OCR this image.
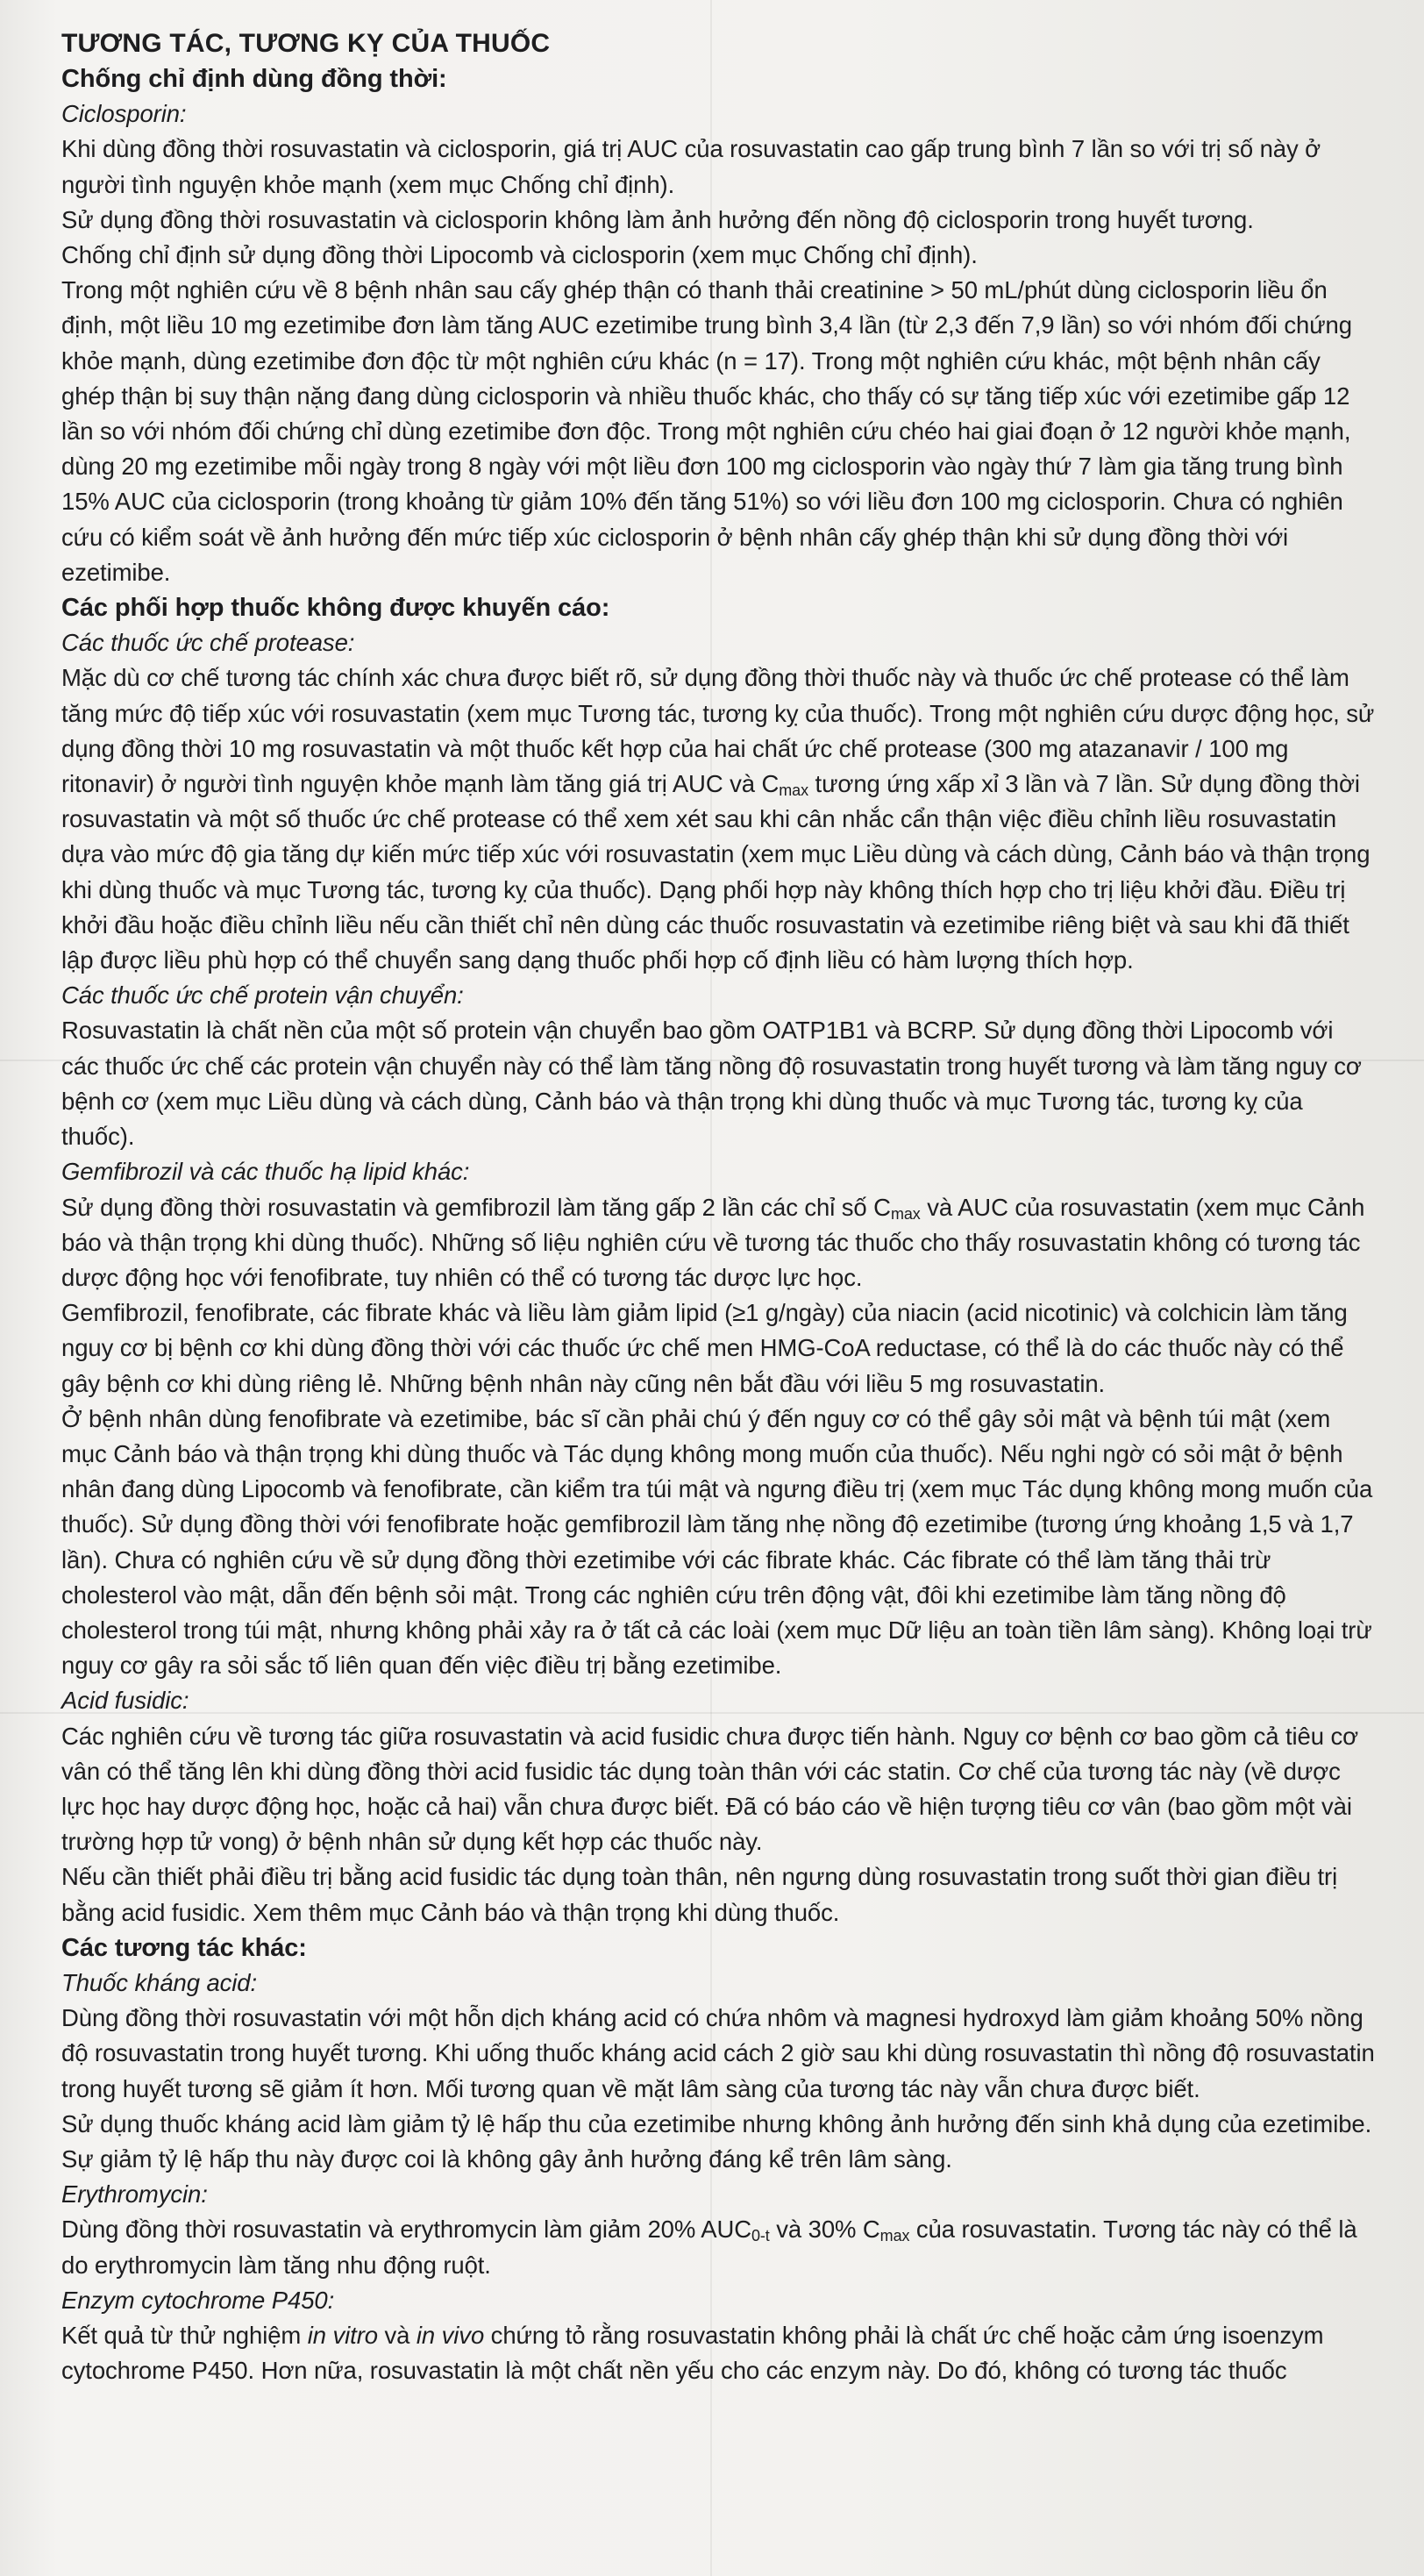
TƯƠNG TÁC, TƯƠNG KỴ CỦA THUỐC

Chống chỉ định dùng đồng thời:

Ciclosporin:

Khi dùng đồng thời rosuvastatin và ciclosporin, giá trị AUC của rosuvastatin cao gấp trung bình 7 lần so với trị số này ở người tình nguyện khỏe mạnh (xem mục Chống chỉ định).

Sử dụng đồng thời rosuvastatin và ciclosporin không làm ảnh hưởng đến nồng độ ciclosporin trong huyết tương.

Chống chỉ định sử dụng đồng thời Lipocomb và ciclosporin (xem mục Chống chỉ định).

Trong một nghiên cứu về 8 bệnh nhân sau cấy ghép thận có thanh thải creatinine > 50 mL/phút dùng ciclosporin liều ổn định, một liều 10 mg ezetimibe đơn làm tăng AUC ezetimibe trung bình 3,4 lần (từ 2,3 đến 7,9 lần) so với nhóm đối chứng khỏe mạnh, dùng ezetimibe đơn độc từ một nghiên cứu khác (n = 17). Trong một nghiên cứu khác, một bệnh nhân cấy ghép thận bị suy thận nặng đang dùng ciclosporin và nhiều thuốc khác, cho thấy có sự tăng tiếp xúc với ezetimibe gấp 12 lần so với nhóm đối chứng chỉ dùng ezetimibe đơn độc. Trong một nghiên cứu chéo hai giai đoạn ở 12 người khỏe mạnh, dùng 20 mg ezetimibe mỗi ngày trong 8 ngày với một liều đơn 100 mg ciclosporin vào ngày thứ 7 làm gia tăng trung bình 15% AUC của ciclosporin (trong khoảng từ giảm 10% đến tăng 51%) so với liều đơn 100 mg ciclosporin. Chưa có nghiên cứu có kiểm soát về ảnh hưởng đến mức tiếp xúc ciclosporin ở bệnh nhân cấy ghép thận khi sử dụng đồng thời với ezetimibe.

Các phối hợp thuốc không được khuyến cáo:

Các thuốc ức chế protease:

Mặc dù cơ chế tương tác chính xác chưa được biết rõ, sử dụng đồng thời thuốc này và thuốc ức chế protease có thể làm tăng mức độ tiếp xúc với rosuvastatin (xem mục Tương tác, tương kỵ của thuốc). Trong một nghiên cứu dược động học, sử dụng đồng thời 10 mg rosuvastatin và một thuốc kết hợp của hai chất ức chế protease (300 mg atazanavir / 100 mg ritonavir) ở người tình nguyện khỏe mạnh làm tăng giá trị AUC và $C_{max}$ tương ứng xấp xỉ 3 lần và 7 lần. Sử dụng đồng thời rosuvastatin và một số thuốc ức chế protease có thể xem xét sau khi cân nhắc cẩn thận việc điều chỉnh liều rosuvastatin dựa vào mức độ gia tăng dự kiến mức tiếp xúc với rosuvastatin (xem mục Liều dùng và cách dùng, Cảnh báo và thận trọng khi dùng thuốc và mục Tương tác, tương kỵ của thuốc). Dạng phối hợp này không thích hợp cho trị liệu khởi đầu. Điều trị khởi đầu hoặc điều chỉnh liều nếu cần thiết chỉ nên dùng các thuốc rosuvastatin và ezetimibe riêng biệt và sau khi đã thiết lập được liều phù hợp có thể chuyển sang dạng thuốc phối hợp cố định liều có hàm lượng thích hợp.

Các thuốc ức chế protein vận chuyển:

Rosuvastatin là chất nền của một số protein vận chuyển bao gồm OATP1B1 và BCRP. Sử dụng đồng thời Lipocomb với các thuốc ức chế các protein vận chuyển này có thể làm tăng nồng độ rosuvastatin trong huyết tương và làm tăng nguy cơ bệnh cơ (xem mục Liều dùng và cách dùng, Cảnh báo và thận trọng khi dùng thuốc và mục Tương tác, tương kỵ của thuốc).

Gemfibrozil và các thuốc hạ lipid khác:

Sử dụng đồng thời rosuvastatin và gemfibrozil làm tăng gấp 2 lần các chỉ số $C_{max}$ và AUC của rosuvastatin (xem mục Cảnh báo và thận trọng khi dùng thuốc). Những số liệu nghiên cứu về tương tác thuốc cho thấy rosuvastatin không có tương tác dược động học với fenofibrate, tuy nhiên có thể có tương tác dược lực học.

Gemfibrozil, fenofibrate, các fibrate khác và liều làm giảm lipid (≥1 g/ngày) của niacin (acid nicotinic) và colchicin làm tăng nguy cơ bị bệnh cơ khi dùng đồng thời với các thuốc ức chế men HMG-CoA reductase, có thể là do các thuốc này có thể gây bệnh cơ khi dùng riêng lẻ. Những bệnh nhân này cũng nên bắt đầu với liều 5 mg rosuvastatin.

Ở bệnh nhân dùng fenofibrate và ezetimibe, bác sĩ cần phải chú ý đến nguy cơ có thể gây sỏi mật và bệnh túi mật (xem mục Cảnh báo và thận trọng khi dùng thuốc và Tác dụng không mong muốn của thuốc). Nếu nghi ngờ có sỏi mật ở bệnh nhân đang dùng Lipocomb và fenofibrate, cần kiểm tra túi mật và ngưng điều trị (xem mục Tác dụng không mong muốn của thuốc). Sử dụng đồng thời với fenofibrate hoặc gemfibrozil làm tăng nhẹ nồng độ ezetimibe (tương ứng khoảng 1,5 và 1,7 lần). Chưa có nghiên cứu về sử dụng đồng thời ezetimibe với các fibrate khác. Các fibrate có thể làm tăng thải trừ cholesterol vào mật, dẫn đến bệnh sỏi mật. Trong các nghiên cứu trên động vật, đôi khi ezetimibe làm tăng nồng độ cholesterol trong túi mật, nhưng không phải xảy ra ở tất cả các loài (xem mục Dữ liệu an toàn tiền lâm sàng). Không loại trừ nguy cơ gây ra sỏi sắc tố liên quan đến việc điều trị bằng ezetimibe.

Acid fusidic:

Các nghiên cứu về tương tác giữa rosuvastatin và acid fusidic chưa được tiến hành. Nguy cơ bệnh cơ bao gồm cả tiêu cơ vân có thể tăng lên khi dùng đồng thời acid fusidic tác dụng toàn thân với các statin. Cơ chế của tương tác này (về dược lực học hay dược động học, hoặc cả hai) vẫn chưa được biết. Đã có báo cáo về hiện tượng tiêu cơ vân (bao gồm một vài trường hợp tử vong) ở bệnh nhân sử dụng kết hợp các thuốc này.

Nếu cần thiết phải điều trị bằng acid fusidic tác dụng toàn thân, nên ngưng dùng rosuvastatin trong suốt thời gian điều trị bằng acid fusidic. Xem thêm mục Cảnh báo và thận trọng khi dùng thuốc.

Các tương tác khác:

Thuốc kháng acid:

Dùng đồng thời rosuvastatin với một hỗn dịch kháng acid có chứa nhôm và magnesi hydroxyd làm giảm khoảng 50% nồng độ rosuvastatin trong huyết tương. Khi uống thuốc kháng acid cách 2 giờ sau khi dùng rosuvastatin thì nồng độ rosuvastatin trong huyết tương sẽ giảm ít hơn. Mối tương quan về mặt lâm sàng của tương tác này vẫn chưa được biết.

Sử dụng thuốc kháng acid làm giảm tỷ lệ hấp thu của ezetimibe nhưng không ảnh hưởng đến sinh khả dụng của ezetimibe. Sự giảm tỷ lệ hấp thu này được coi là không gây ảnh hưởng đáng kể trên lâm sàng.

Erythromycin:

Dùng đồng thời rosuvastatin và erythromycin làm giảm 20% $AUC_{0-t}$ và 30% $C_{max}$ của rosuvastatin. Tương tác này có thể là do erythromycin làm tăng nhu động ruột.

Enzym cytochrome P450:

Kết quả từ thử nghiệm in vitro và in vivo chứng tỏ rằng rosuvastatin không phải là chất ức chế hoặc cảm ứng isoenzym cytochrome P450. Hơn nữa, rosuvastatin là một chất nền yếu cho các enzym này. Do đó, không có tương tác thuốc
